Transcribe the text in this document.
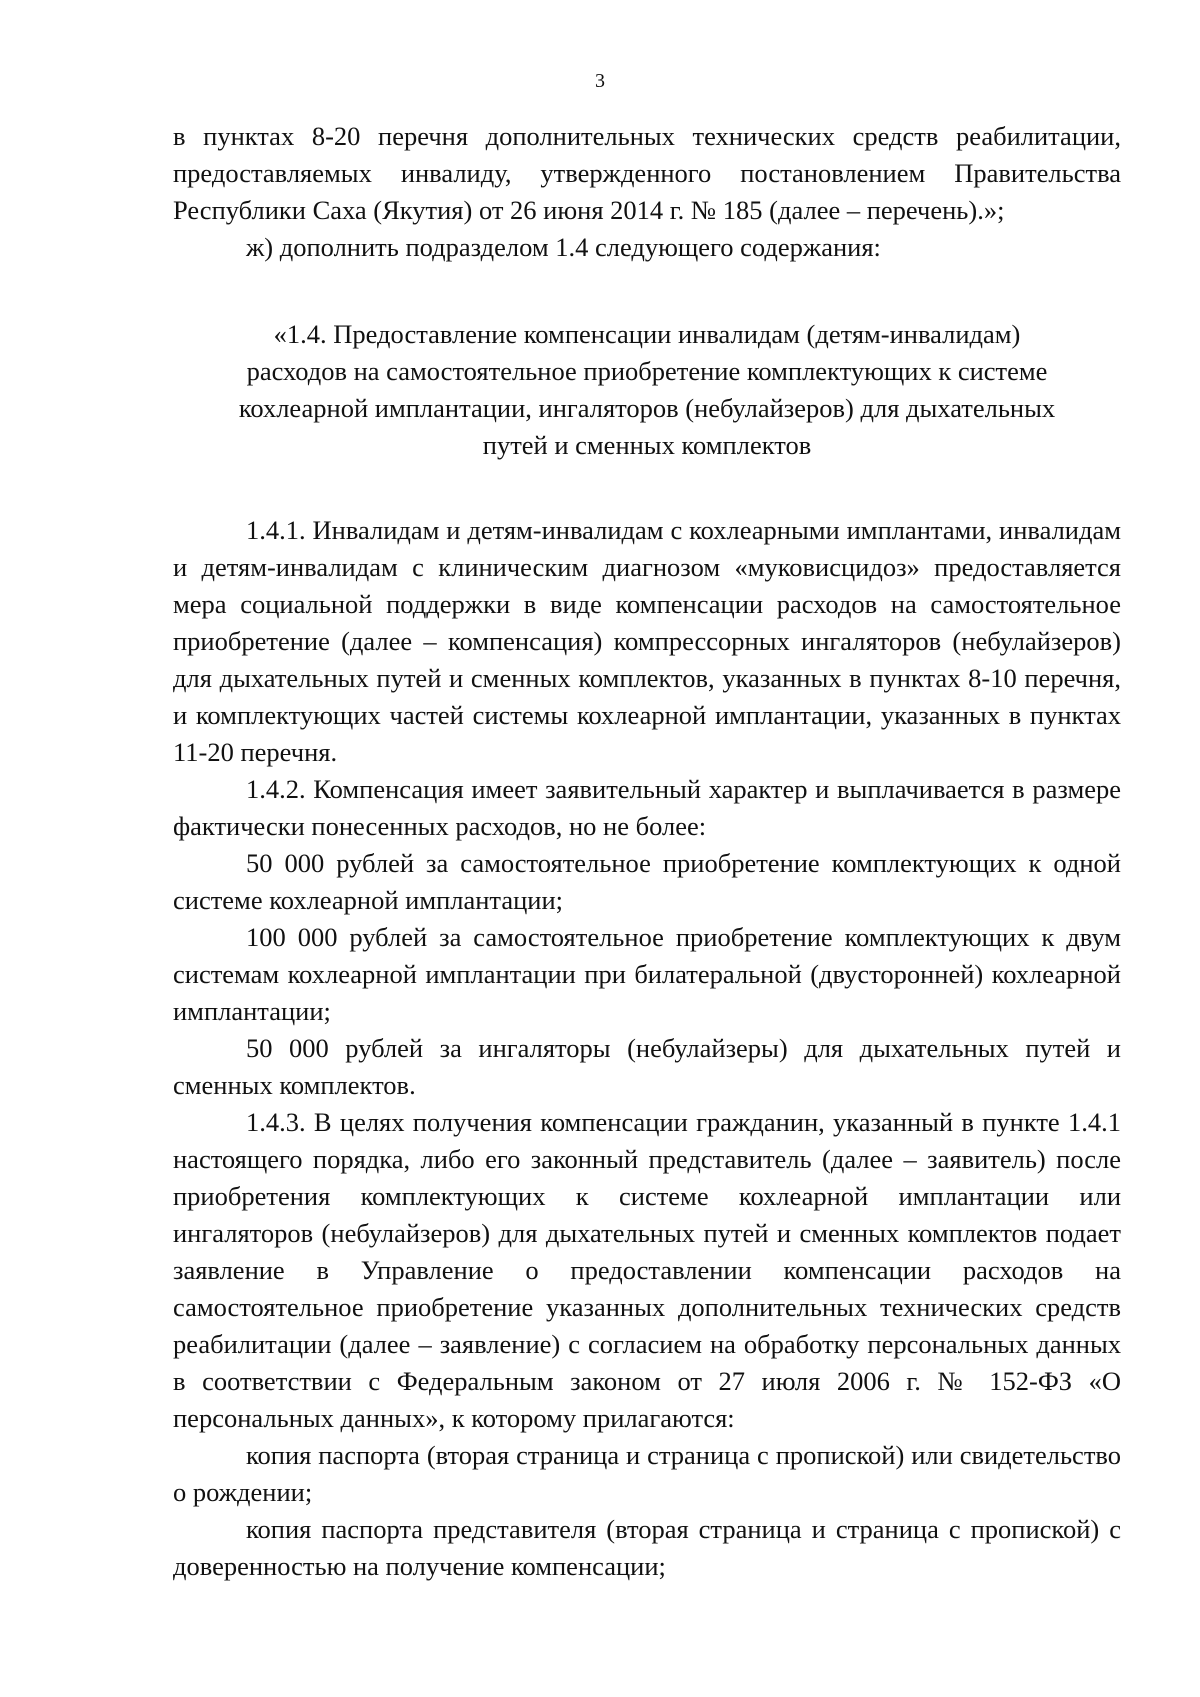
3

в пунктах 8-20 перечня дополнительных технических средств реабилитации, предоставляемых инвалиду, утвержденного постановлением Правительства Республики Саха (Якутия) от 26 июня 2014 г. № 185 (далее – перечень).»;

ж) дополнить подразделом 1.4 следующего содержания:

«1.4. Предоставление компенсации инвалидам (детям-инвалидам)
расходов на самостоятельное приобретение комплектующих к системе
кохлеарной имплантации, ингаляторов (небулайзеров) для дыхательных
путей и сменных комплектов

1.4.1. Инвалидам и детям-инвалидам с кохлеарными имплантами, инвалидам и детям-инвалидам с клиническим диагнозом «муковисцидоз» предоставляется мера социальной поддержки в виде компенсации расходов на самостоятельное приобретение (далее – компенсация) компрессорных ингаляторов (небулайзеров) для дыхательных путей и сменных комплектов, указанных в пунктах 8-10 перечня, и комплектующих частей системы кохлеарной имплантации, указанных в пунктах 11-20 перечня.

1.4.2. Компенсация имеет заявительный характер и выплачивается в размере фактически понесенных расходов, но не более:

50 000 рублей за самостоятельное приобретение комплектующих к одной системе кохлеарной имплантации;

100 000 рублей за самостоятельное приобретение комплектующих к двум системам кохлеарной имплантации при билатеральной (двусторонней) кохлеарной имплантации;

50 000 рублей за ингаляторы (небулайзеры) для дыхательных путей и сменных комплектов.

1.4.3. В целях получения компенсации гражданин, указанный в пункте 1.4.1 настоящего порядка, либо его законный представитель (далее – заявитель) после приобретения комплектующих к системе кохлеарной имплантации или ингаляторов (небулайзеров) для дыхательных путей и сменных комплектов подает заявление в Управление о предоставлении компенсации расходов на самостоятельное приобретение указанных дополнительных технических средств реабилитации (далее – заявление) с согласием на обработку персональных данных в соответствии с Федеральным законом от 27 июля 2006 г. № 152-ФЗ «О персональных данных», к которому прилагаются:

копия паспорта (вторая страница и страница с пропиской) или свидетельство о рождении;

копия паспорта представителя (вторая страница и страница с пропиской) с доверенностью на получение компенсации;
